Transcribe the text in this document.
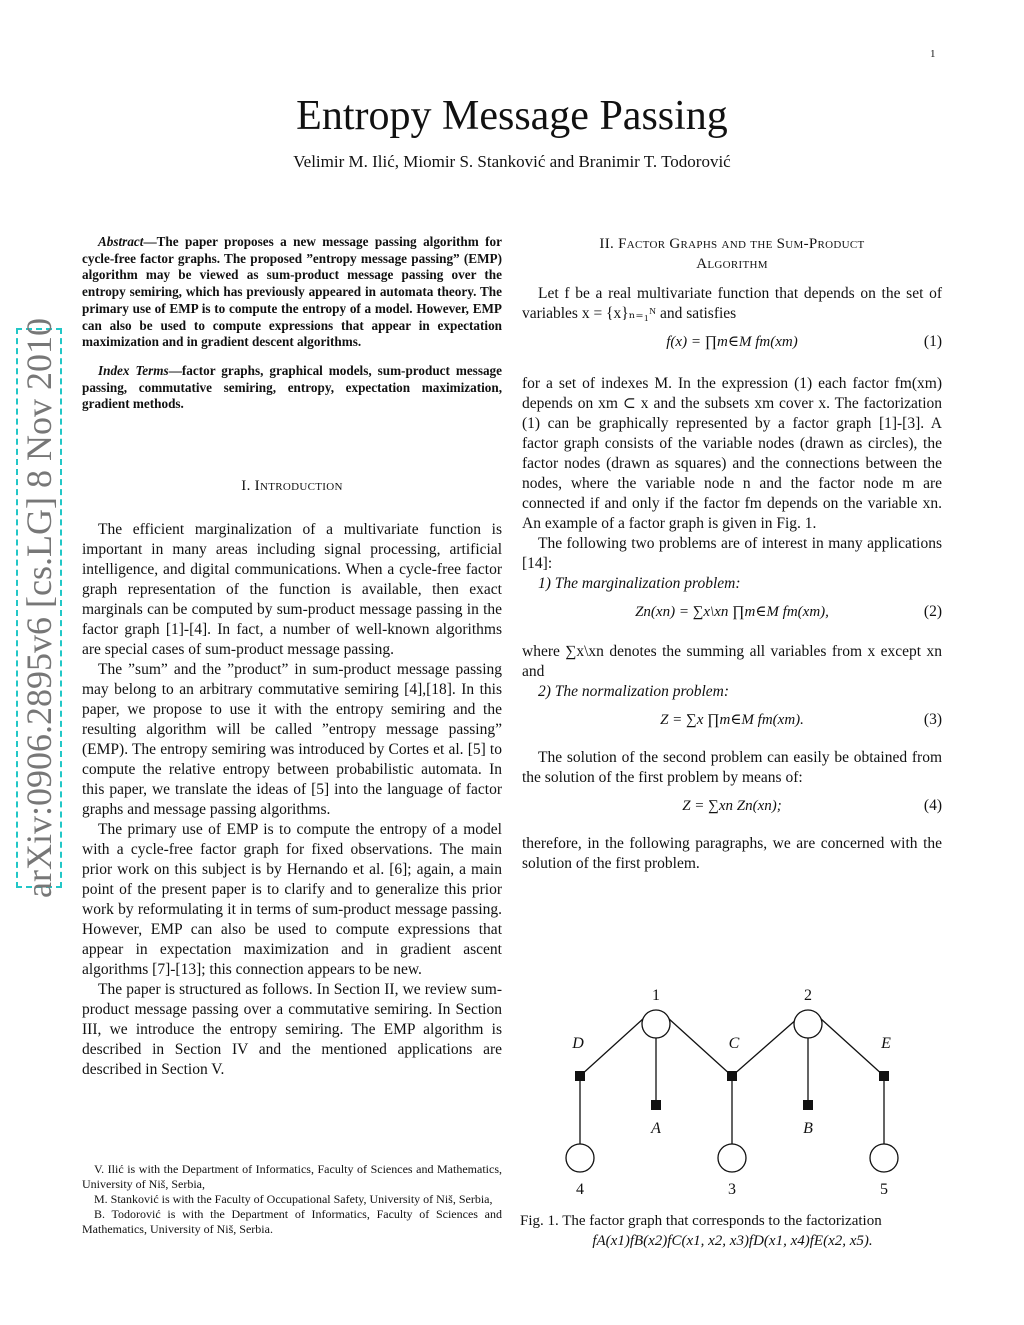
1
arXiv:0906.2895v6 [cs.LG] 8 Nov 2010
Entropy Message Passing
Velimir M. Ilić, Miomir S. Stanković and Branimir T. Todorović

Abstract—The paper proposes a new message passing algorithm for cycle-free factor graphs. The proposed ”entropy message passing” (EMP) algorithm may be viewed as sum-product message passing over the entropy semiring, which has previously appeared in automata theory. The primary use of EMP is to compute the entropy of a model. However, EMP can also be used to compute expressions that appear in expectation maximization and in gradient descent algorithms.

Index Terms—factor graphs, graphical models, sum-product message passing, commutative semiring, entropy, expectation maximization, gradient methods.

I. Introduction

The efficient marginalization of a multivariate function is important in many areas including signal processing, artificial intelligence, and digital communications. When a cycle-free factor graph representation of the function is available, then exact marginals can be computed by sum-product message passing in the factor graph [1]-[4]. In fact, a number of well-known algorithms are special cases of sum-product message passing.

The ”sum” and the ”product” in sum-product message passing may belong to an arbitrary commutative semiring [4],[18]. In this paper, we propose to use it with the entropy semiring and the resulting algorithm will be called ”entropy message passing” (EMP). The entropy semiring was introduced by Cortes et al. [5] to compute the relative entropy between probabilistic automata. In this paper, we translate the ideas of [5] into the language of factor graphs and message passing algorithms.

The primary use of EMP is to compute the entropy of a model with a cycle-free factor graph for fixed observations. The main prior work on this subject is by Hernando et al. [6]; again, a main point of the present paper is to clarify and to generalize this prior work by reformulating it in terms of sum-product message passing. However, EMP can also be used to compute expressions that appear in expectation maximization and in gradient ascent algorithms [7]-[13]; this connection appears to be new.

The paper is structured as follows. In Section II, we review sum-product message passing over a commutative semiring. In Section III, we introduce the entropy semiring. The EMP algorithm is described in Section IV and the mentioned applications are described in Section V.

V. Ilić is with the Department of Informatics, Faculty of Sciences and Mathematics, University of Niš, Serbia,

M. Stanković is with the Faculty of Occupational Safety, University of Niš, Serbia,

B. Todorović is with the Department of Informatics, Faculty of Sciences and Mathematics, University of Niš, Serbia.

II. Factor Graphs and the Sum-Product
Algorithm

Let f be a real multivariate function that depends on the set of variables x = {x}ₙ₌₁ᴺ and satisfies

f(x) = ∏m∈M fm(xm)	(1)

for a set of indexes M. In the expression (1) each factor fm(xm) depends on xm ⊂ x and the subsets xm cover x. The factorization (1) can be graphically represented by a factor graph [1]-[3]. A factor graph consists of the variable nodes (drawn as circles), the factor nodes (drawn as squares) and the connections between the nodes, where the variable node n and the factor node m are connected if and only if the factor fm depends on the variable xn. An example of a factor graph is given in Fig. 1.

The following two problems are of interest in many applications [14]:

1) The marginalization problem:

Zn(xn) = ∑x\xn ∏m∈M fm(xm),	(2)

where ∑x\xn denotes the summing all variables from x except xn and

2) The normalization problem:

Z = ∑x ∏m∈M fm(xm).	(3)

The solution of the second problem can easily be obtained from the solution of the first problem by means of:

Z = ∑xn Zn(xn);	(4)

therefore, in the following paragraphs, we are concerned with the solution of the first problem.

1	2
3
4	5
A	B
C
D	E
Fig. 1. The factor graph that corresponds to the factorization
fA(x1)fB(x2)fC(x1, x2, x3)fD(x1, x4)fE(x2, x5).
